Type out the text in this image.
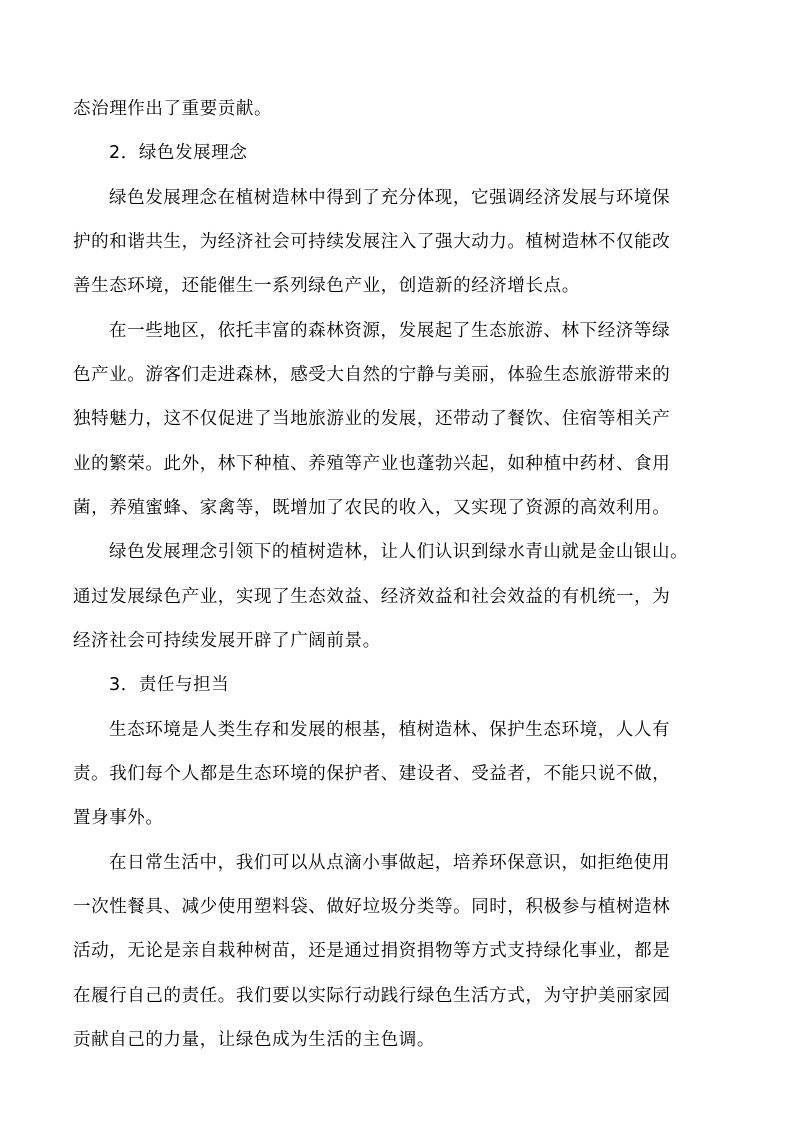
态治理作出了重要贡献。
2．绿色发展理念
绿色发展理念在植树造林中得到了充分体现，它强调经济发展与环境保
护的和谐共生，为经济社会可持续发展注入了强大动力。植树造林不仅能改
善生态环境，还能催生一系列绿色产业，创造新的经济增长点。
在一些地区，依托丰富的森林资源，发展起了生态旅游、林下经济等绿
色产业。游客们走进森林，感受大自然的宁静与美丽，体验生态旅游带来的
独特魅力，这不仅促进了当地旅游业的发展，还带动了餐饮、住宿等相关产
业的繁荣。此外，林下种植、养殖等产业也蓬勃兴起，如种植中药材、食用
菌，养殖蜜蜂、家禽等，既增加了农民的收入，又实现了资源的高效利用。
绿色发展理念引领下的植树造林，让人们认识到绿水青山就是金山银山。
通过发展绿色产业，实现了生态效益、经济效益和社会效益的有机统一，为
经济社会可持续发展开辟了广阔前景。
3．责任与担当
生态环境是人类生存和发展的根基，植树造林、保护生态环境，人人有
责。我们每个人都是生态环境的保护者、建设者、受益者，不能只说不做，
置身事外。
在日常生活中，我们可以从点滴小事做起，培养环保意识，如拒绝使用
一次性餐具、减少使用塑料袋、做好垃圾分类等。同时，积极参与植树造林
活动，无论是亲自栽种树苗，还是通过捐资捐物等方式支持绿化事业，都是
在履行自己的责任。我们要以实际行动践行绿色生活方式，为守护美丽家园
贡献自己的力量，让绿色成为生活的主色调。
